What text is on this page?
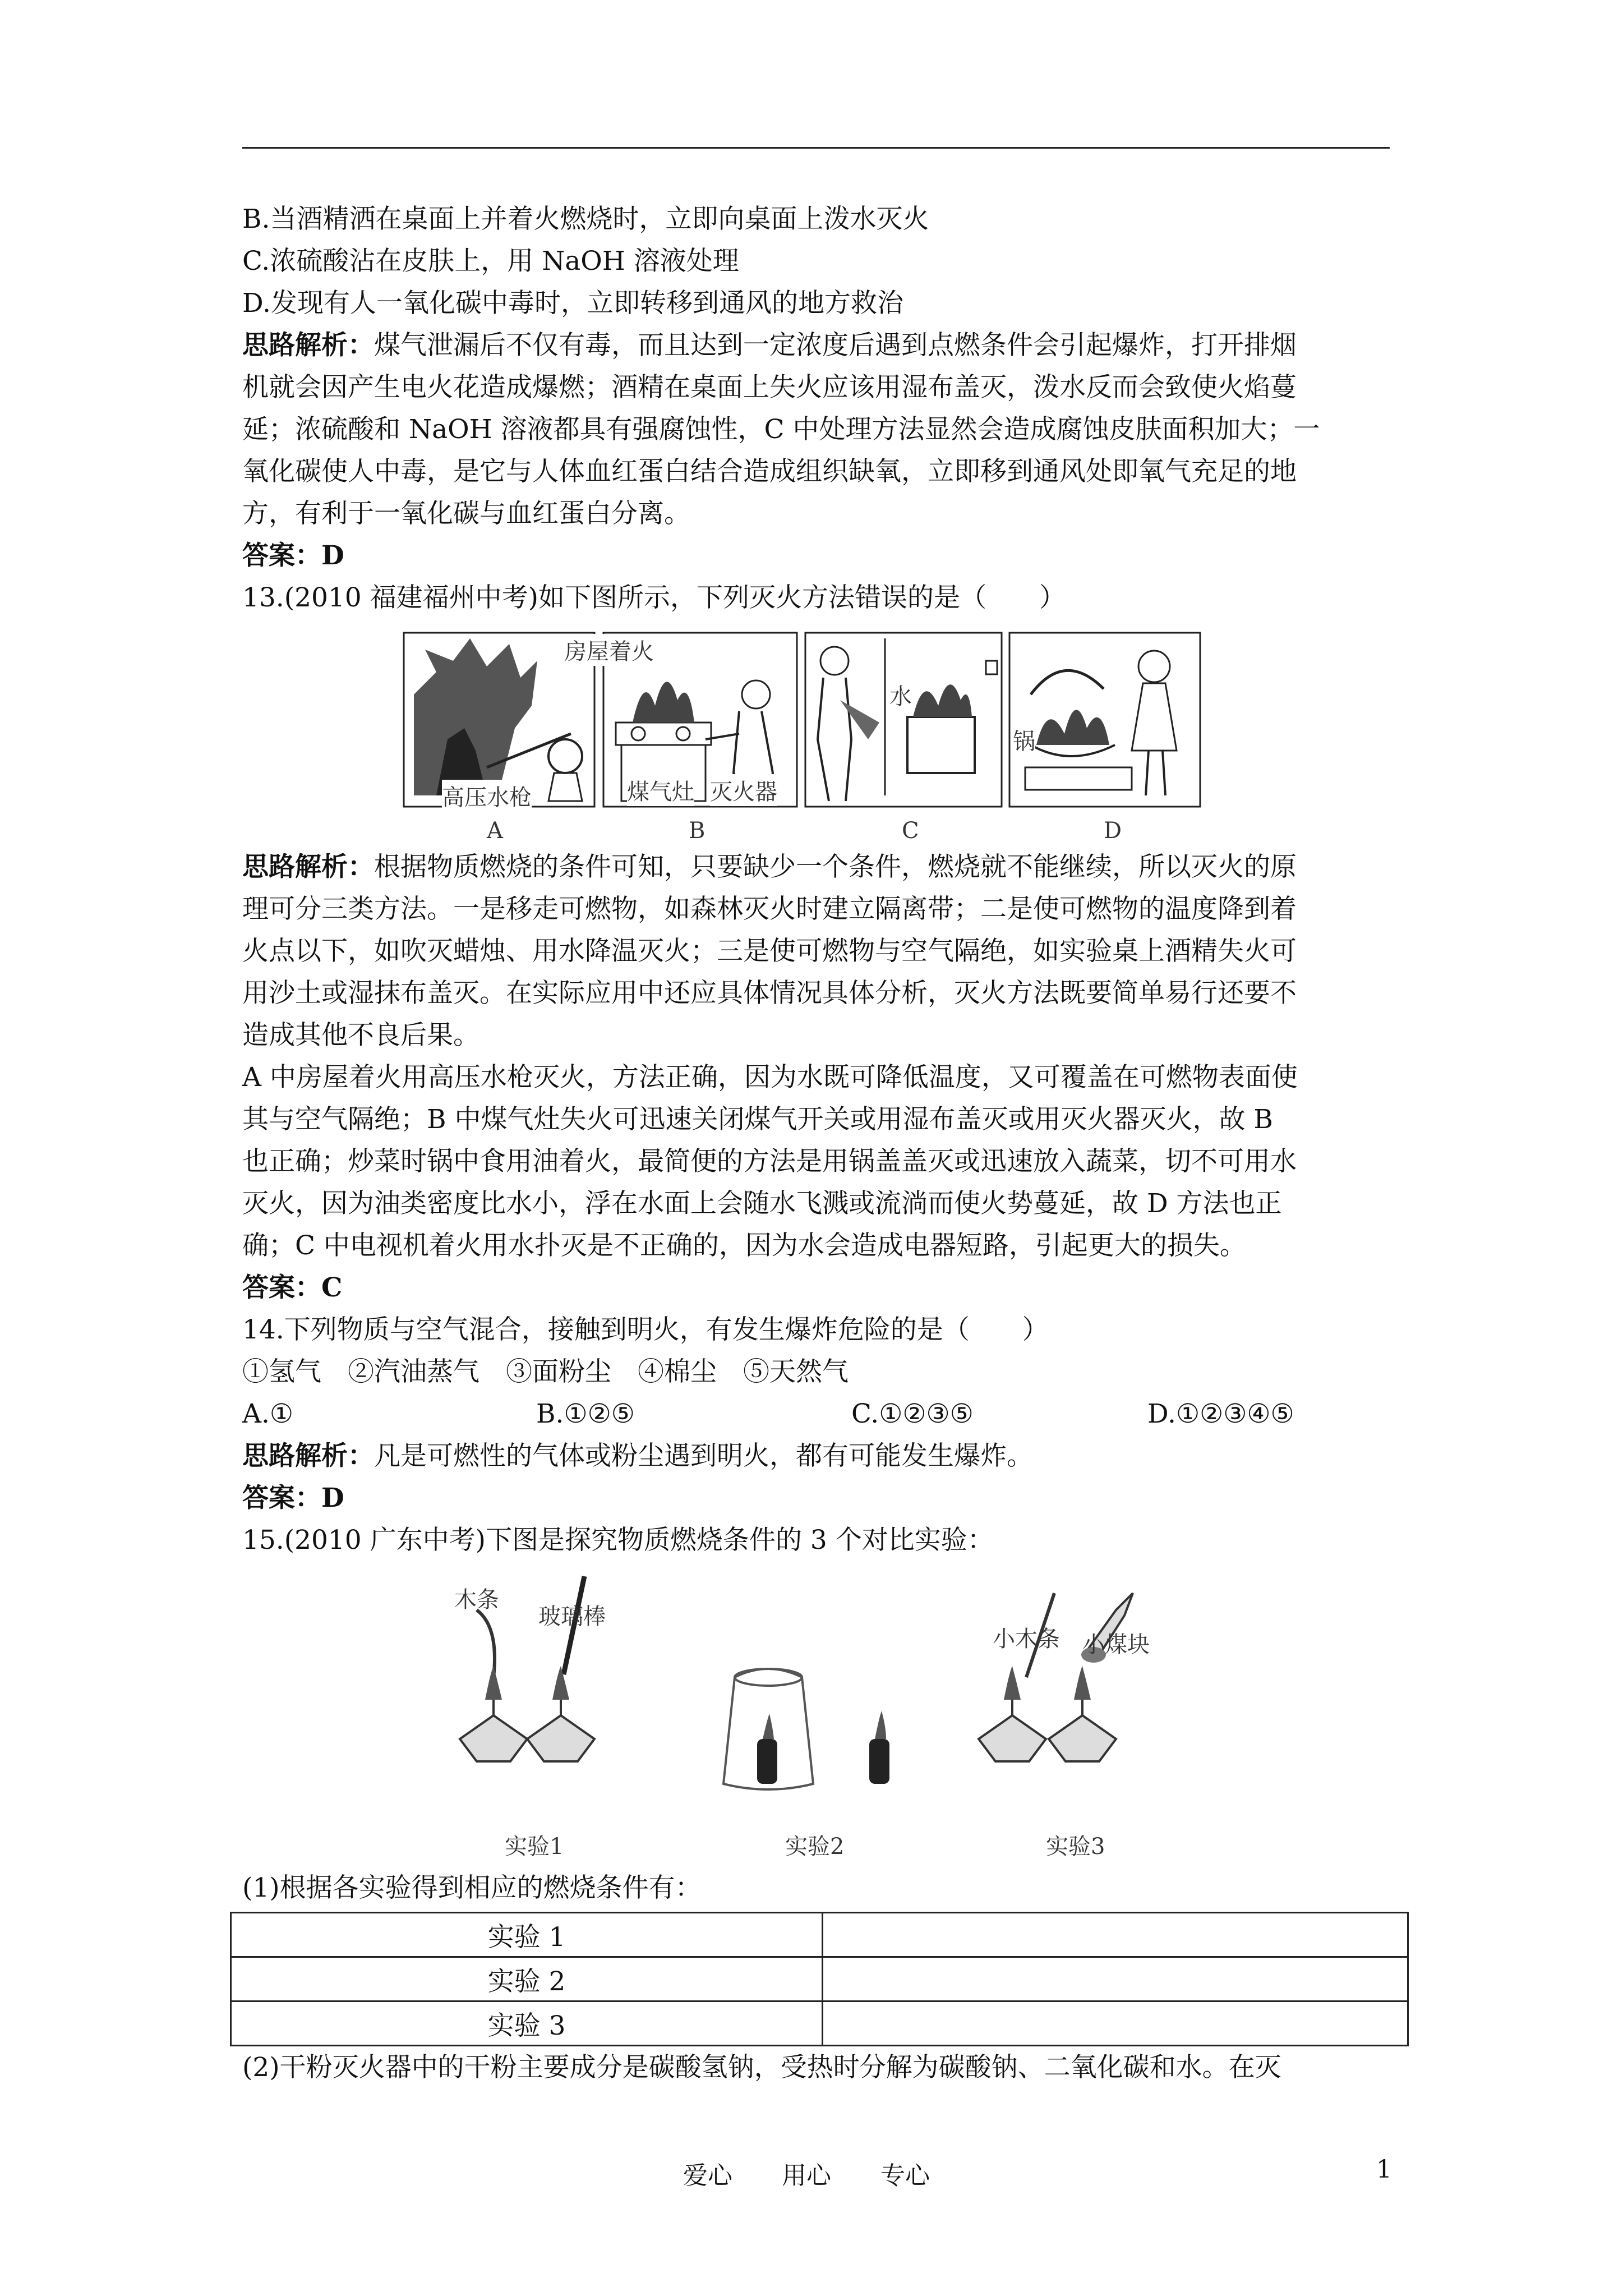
B.当酒精洒在桌面上并着火燃烧时，立即向桌面上泼水灭火
C.浓硫酸沾在皮肤上，用 NaOH 溶液处理
D.发现有人一氧化碳中毒时，立即转移到通风的地方救治
思路解析：煤气泄漏后不仅有毒，而且达到一定浓度后遇到点燃条件会引起爆炸，打开排烟
机就会因产生电火花造成爆燃；酒精在桌面上失火应该用湿布盖灭，泼水反而会致使火焰蔓
延；浓硫酸和 NaOH 溶液都具有强腐蚀性，C 中处理方法显然会造成腐蚀皮肤面积加大；一
氧化碳使人中毒，是它与人体血红蛋白结合造成组织缺氧，立即移到通风处即氧气充足的地
方，有利于一氧化碳与血红蛋白分离。
答案：D
13.(2010 福建福州中考)如下图所示，下列灭火方法错误的是（　　）
房屋着火
高压水枪	煤气灶 灭火器
水
锅
A	B	C	D
思路解析：根据物质燃烧的条件可知，只要缺少一个条件，燃烧就不能继续，所以灭火的原
理可分三类方法。一是移走可燃物，如森林灭火时建立隔离带；二是使可燃物的温度降到着
火点以下，如吹灭蜡烛、用水降温灭火；三是使可燃物与空气隔绝，如实验桌上酒精失火可
用沙土或湿抹布盖灭。在实际应用中还应具体情况具体分析，灭火方法既要简单易行还要不
造成其他不良后果。
A 中房屋着火用高压水枪灭火，方法正确，因为水既可降低温度，又可覆盖在可燃物表面使
其与空气隔绝；B 中煤气灶失火可迅速关闭煤气开关或用湿布盖灭或用灭火器灭火，故 B
也正确；炒菜时锅中食用油着火，最简便的方法是用锅盖盖灭或迅速放入蔬菜，切不可用水
灭火，因为油类密度比水小，浮在水面上会随水飞溅或流淌而使火势蔓延，故 D 方法也正
确；C 中电视机着火用水扑灭是不正确的，因为水会造成电器短路，引起更大的损失。
答案：C
14.下列物质与空气混合，接触到明火，有发生爆炸危险的是（　　）
①氢气　②汽油蒸气　③面粉尘　④棉尘　⑤天然气
A.①	B.①②⑤	C.①②③⑤	D.①②③④⑤
思路解析：凡是可燃性的气体或粉尘遇到明火，都有可能发生爆炸。
答案：D
15.(2010 广东中考)下图是探究物质燃烧条件的 3 个对比实验：
木条
玻璃棒
小木条 小煤块
实验1	实验2	实验3
(1)根据各实验得到相应的燃烧条件有：
实验 1	
实验 2	
实验 3	
(2)干粉灭火器中的干粉主要成分是碳酸氢钠，受热时分解为碳酸钠、二氧化碳和水。在灭
爱心　　用心　　专心	1
